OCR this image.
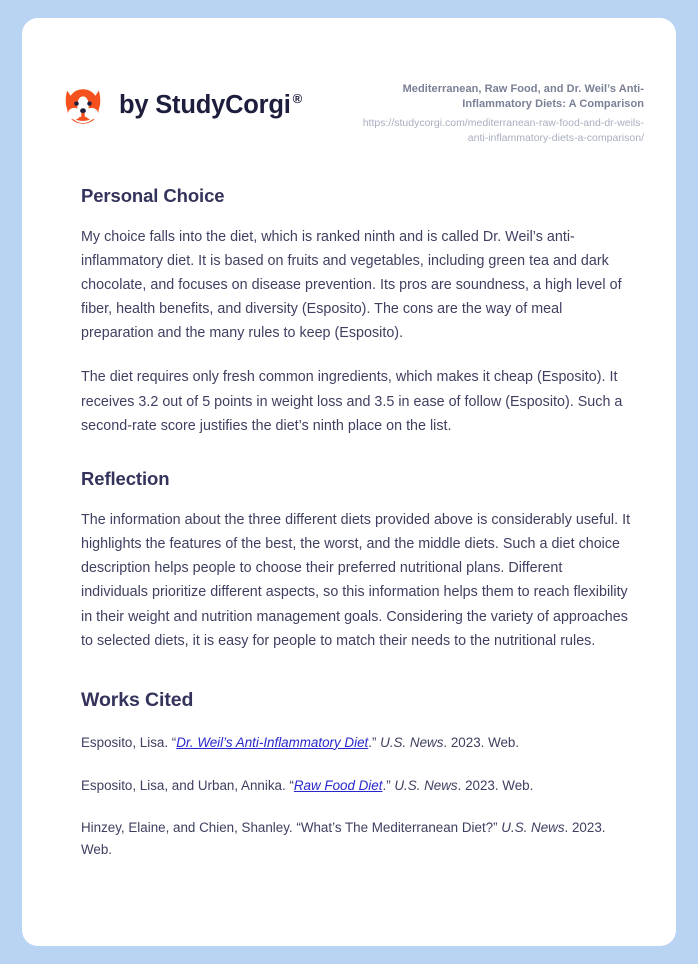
by StudyCorgi ®
Mediterranean, Raw Food, and Dr. Weil’s Anti-Inflammatory Diets: A Comparison
https://studycorgi.com/mediterranean-raw-food-and-dr-weils-anti-inflammatory-diets-a-comparison/
Personal Choice

My choice falls into the diet, which is ranked ninth and is called Dr. Weil’s anti-inflammatory diet. It is based on fruits and vegetables, including green tea and dark chocolate, and focuses on disease prevention. Its pros are soundness, a high level of fiber, health benefits, and diversity (Esposito). The cons are the way of meal preparation and the many rules to keep (Esposito).

The diet requires only fresh common ingredients, which makes it cheap (Esposito). It receives 3.2 out of 5 points in weight loss and 3.5 in ease of follow (Esposito). Such a second-rate score justifies the diet’s ninth place on the list.

Reflection

The information about the three different diets provided above is considerably useful. It highlights the features of the best, the worst, and the middle diets. Such a diet choice description helps people to choose their preferred nutritional plans. Different individuals prioritize different aspects, so this information helps them to reach flexibility in their weight and nutrition management goals. Considering the variety of approaches to selected diets, it is easy for people to match their needs to the nutritional rules.

Works Cited

Esposito, Lisa. “Dr. Weil’s Anti-Inflammatory Diet.” U.S. News. 2023. Web.

Esposito, Lisa, and Urban, Annika. “Raw Food Diet.” U.S. News. 2023. Web.

Hinzey, Elaine, and Chien, Shanley. “What’s The Mediterranean Diet?” U.S. News. 2023. Web.
